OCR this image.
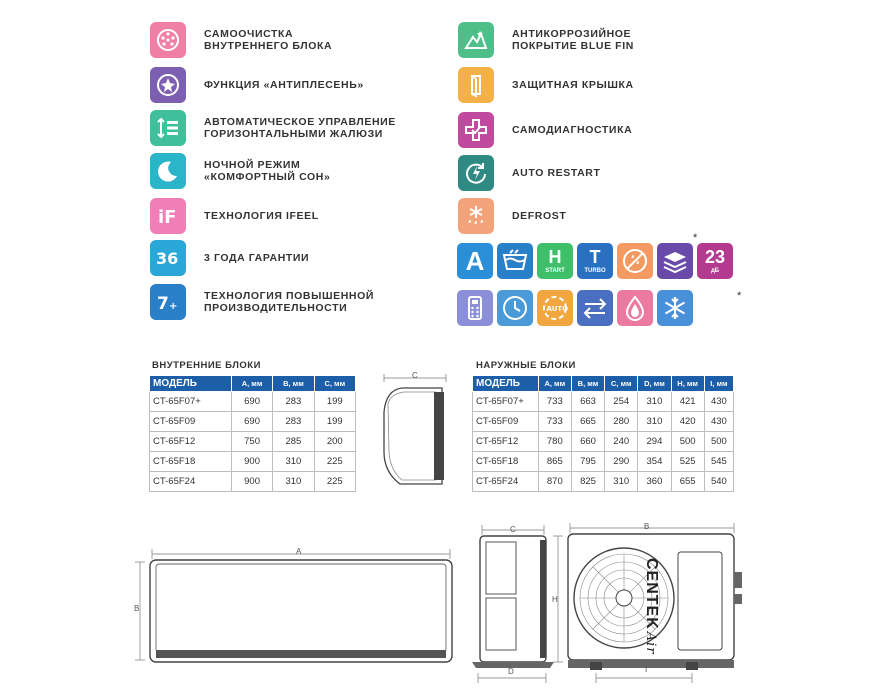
САМООЧИСТКА
ВНУТРЕННЕГО БЛОКА
ФУНКЦИЯ «АНТИПЛЕСЕНЬ»
АВТОМАТИЧЕСКОЕ УПРАВЛЕНИЕ
ГОРИЗОНТАЛЬНЫМИ ЖАЛЮЗИ
z	НОЧНОЙ РЕЖИМ
«КОМФОРТНЫЙ СОН»
iF	ТЕХНОЛОГИЯ IFEEL
36 3 ГОДА ГАРАНТИИ
7 +
ТЕХНОЛОГИЯ ПОВЫШЕННОЙ
ПРОИЗВОДИТЕЛЬНОСТИ
АНТИКОРРОЗИЙНОЕ
ПОКРЫТИЕ BLUE FIN
ЗАЩИТНАЯ КРЫШКА
САМОДИАГНОСТИКА
AUTO RESTART
DEFROST
A	H
START
T
TURBO
23
дБ
AUTO
*
*
ВНУТРЕННИЕ БЛОКИ
МОДЕЛЬ	A, мм	B, мм	C, мм
CT-65F07+	690	283	199
CT-65F09	690	283	199
CT-65F12	750	285	200
CT-65F18	900	310	225
CT-65F24	900	310	225
НАРУЖНЫЕ БЛОКИ
МОДЕЛЬ	A, мм	B, мм	C, мм	D, мм	H, мм	I, мм
CT-65F07+	733	663	254	310	421	430
CT-65F09	733	665	280	310	420	430
CT-65F12	780	660	240	294	500	500
CT-65F18	865	795	290	354	525	545
CT-65F24	870	825	310	360	655	540
C
A
B
C
D
CENTEKAir
B
H
I
